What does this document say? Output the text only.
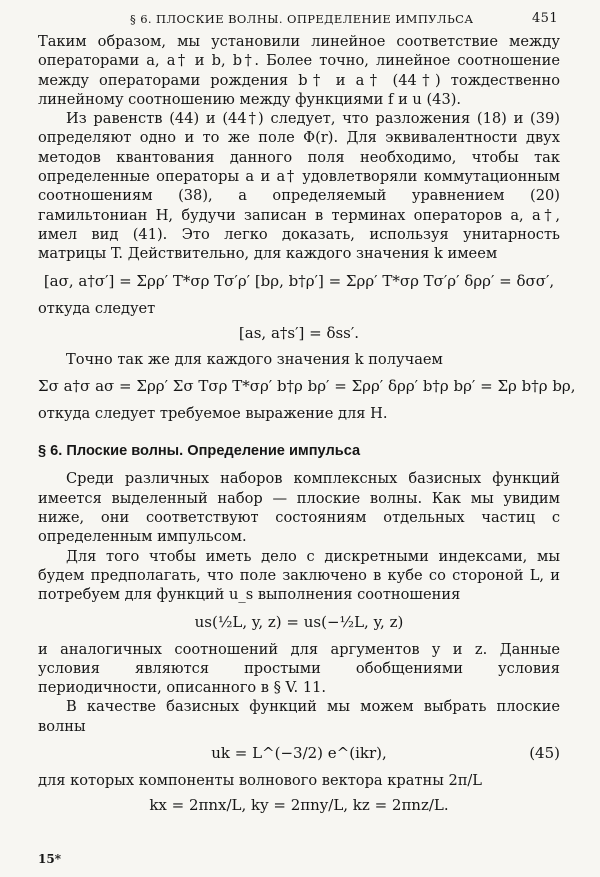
§ 6. ПЛОСКИЕ ВОЛНЫ. ОПРЕДЕЛЕНИЕ ИМПУЛЬСА	451

Таким образом, мы установили линейное соответствие между операторами a, a† и b, b†. Более точно, линейное соотношение между операторами рождения b† и a† (44†) тождественно линейному соотношению между функциями f и u (43).

Из равенств (44) и (44†) следует, что разложения (18) и (39) определяют одно и то же поле Φ(r). Для эквивалентности двух методов квантования данного поля необходимо, чтобы так определенные операторы a и a† удовлетворяли коммутационным соотношениям (38), а определяемый уравнением (20) гамильтониан H, будучи записан в терминах операторов a, a†, имел вид (41). Это легко доказать, используя унитарность матрицы T. Действительно, для каждого значения k имеем

[aσ, a†σ′] = Σρρ′ T*σρ Tσ′ρ′ [bρ, b†ρ′] = Σρρ′ T*σρ Tσ′ρ′ δρρ′ = δσσ′,

откуда следует

[as, a†s′] = δss′.

Точно так же для каждого значения k получаем

Σσ a†σ aσ = Σρρ′ Σσ Tσρ T*σρ′ b†ρ bρ′ = Σρρ′ δρρ′ b†ρ bρ′ = Σρ b†ρ bρ,

откуда следует требуемое выражение для H.

§ 6. Плоские волны. Определение импульса

Среди различных наборов комплексных базисных функций имеется выделенный набор — плоские волны. Как мы увидим ниже, они соответствуют состояниям отдельных частиц с определенным импульсом.

Для того чтобы иметь дело с дискретными индексами, мы будем предполагать, что поле заключено в кубе со стороной L, и потребуем для функций u_s выполнения соотношения

us(½L, y, z) = us(−½L, y, z)

и аналогичных соотношений для аргументов y и z. Данные условия являются простыми обобщениями условия периодичности, описанного в § V. 11.

В качестве базисных функций мы можем выбрать плоские волны

uk = L^(−3/2) e^(ikr),	(45)

для которых компоненты волнового вектора кратны 2π/L

kx = 2πnx/L, ky = 2πny/L, kz = 2πnz/L.
15*
